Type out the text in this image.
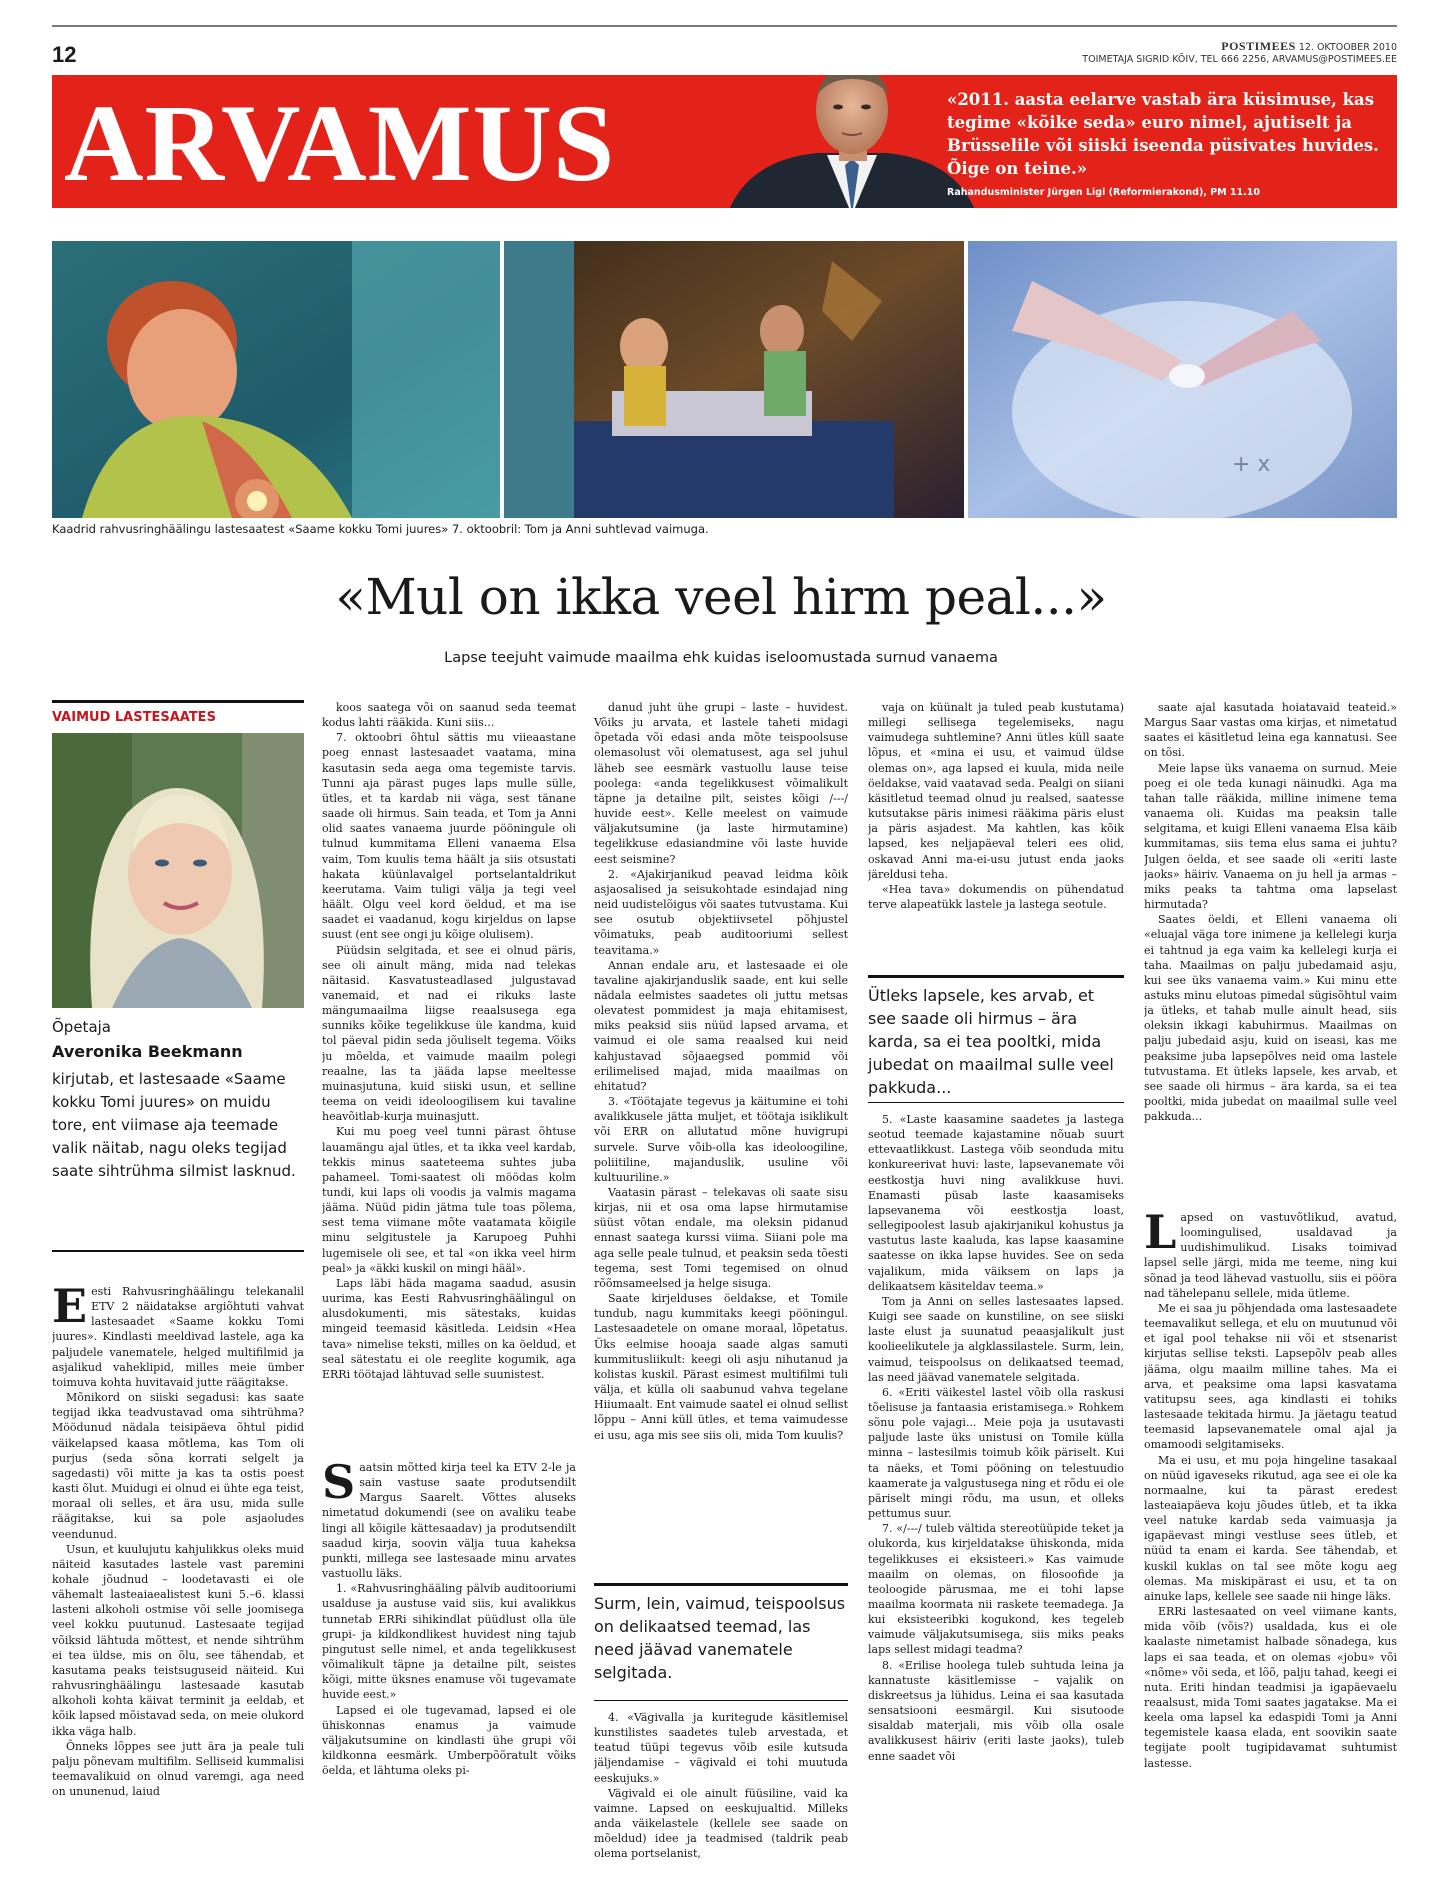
12	POSTIMEES 12. OKTOOBER 2010
TOIMETAJA SIGRID KÕIV, TEL 666 2256, ARVAMUS@POSTIMEES.EE
ARVAMUS	«2011. aasta eelarve vastab ära küsimuse, kas tegime «kõike seda» euro nimel, ajutiselt ja Brüsselile või siiski iseenda püsivates huvides. Õige on teine.»
Rahandusminister Jürgen Ligi (Reformierakond), PM 11.10
+ x
Kaadrid rahvusringhäälingu lastesaatest «Saame kokku Tomi juures» 7. oktoobril: Tom ja Anni suhtlevad vaimuga.
«Mul on ikka veel hirm peal...»
Lapse teejuht vaimude maailma ehk kuidas iseloomustada surnud vanaema
VAIMUD LASTESAATES
Õpetaja
Averonika Beekmann
kirjutab, et lastesaade «Saame kokku Tomi juures» on muidu tore, ent viimase aja teemade valik näitab, nagu oleks tegijad saate sihtrühma silmist lasknud.

Eesti Rahvusringhäälingu telekanalil ETV 2 näidatakse argiõhtuti vahvat lastesaadet «Saame kokku Tomi juures». Kindlasti meeldivad lastele, aga ka paljudele vanematele, helged multifilmid ja asjalikud vaheklipid, milles meie ümber toimuva kohta huvitavaid jutte räägitakse.

Mõnikord on siiski segadusi: kas saate tegijad ikka teadvustavad oma sihtrühma? Möödunud nädala teisipäeva õhtul pidid väikelapsed kaasa mõtlema, kas Tom oli purjus (seda sõna korrati selgelt ja sagedasti) või mitte ja kas ta ostis poest kasti õlut. Muidugi ei olnud ei ühte ega teist, moraal oli selles, et ära usu, mida sulle räägitakse, kui sa pole asjaoludes veendunud.

Usun, et kuulujutu kahjulikkus oleks muid näiteid kasutades lastele vast paremini kohale jõudnud – loodetavasti ei ole vähemalt lasteaiaealistest kuni 5.–6. klassi lasteni alkoholi ostmise või selle joomisega veel kokku puutunud. Lastesaate tegijad võiksid lähtuda mõttest, et nende sihtrühm ei tea üldse, mis on õlu, see tähendab, et kasutama peaks teistsuguseid näiteid. Kui rahvusringhäälingu lastesaade kasutab alkoholi kohta käivat terminit ja eeldab, et kõik lapsed mõistavad seda, on meie olukord ikka väga halb.

Õnneks lõppes see jutt ära ja peale tuli palju põnevam multifilm. Selliseid kummalisi teemavalikuid on olnud varemgi, aga need on ununenud, laiud

koos saatega või on saanud seda teemat kodus lahti rääkida. Kuni siis...

7. oktoobri õhtul sättis mu viieaastane poeg ennast lastesaadet vaatama, mina kasutasin seda aega oma tegemiste tarvis. Tunni aja pärast puges laps mulle sülle, ütles, et ta kardab nii väga, sest tänane saade oli hirmus. Sain teada, et Tom ja Anni olid saates vanaema juurde pööningule oli tulnud kummitama Elleni vanaema Elsa vaim, Tom kuulis tema häält ja siis otsustati hakata küünlavalgel portselantaldrikut keerutama. Vaim tuligi välja ja tegi veel häält. Olgu veel kord öeldud, et ma ise saadet ei vaadanud, kogu kirjeldus on lapse suust (ent see ongi ju kõige olulisem).

Püüdsin selgitada, et see ei olnud päris, see oli ainult mäng, mida nad telekas näitasid. Kasvatusteadlased julgustavad vanemaid, et nad ei rikuks laste mängumaailma liigse reaalsusega ega sunniks kõike tegelikkuse üle kandma, kuid tol päeval pidin seda jõuliselt tegema. Võiks ju mõelda, et vaimude maailm polegi reaalne, las ta jääda lapse meeltesse muinasjutuna, kuid siiski usun, et selline teema on veidi ideoloogilisem kui tavaline heavõitlab-kurja muinasjutt.

Kui mu poeg veel tunni pärast õhtuse lauamängu ajal ütles, et ta ikka veel kardab, tekkis minus saateteema suhtes juba pahameel. Tomi-saatest oli möödas kolm tundi, kui laps oli voodis ja valmis magama jääma. Nüüd pidin jätma tule toas põlema, sest tema viimane mõte vaatamata kõigile minu selgitustele ja Karupoeg Puhhi lugemisele oli see, et tal «on ikka veel hirm peal» ja «äkki kuskil on mingi hääl».

Laps läbi häda magama saadud, asusin uurima, kas Eesti Rahvusringhäälingul on alusdokumenti, mis sätestaks, kuidas mingeid teemasid käsitleda. Leidsin «Hea tava» nimelise teksti, milles on ka öeldud, et seal sätestatu ei ole reeglite kogumik, aga ERRi töötajad lähtuvad selle suunistest.

Saatsin mõtted kirja teel ka ETV 2-le ja sain vastuse saate produtsendilt Margus Saarelt. Võttes aluseks nimetatud dokumendi (see on avaliku teabe lingi all kõigile kättesaadav) ja produtsendilt saadud kirja, soovin välja tuua kaheksa punkti, millega see lastesaade minu arvates vastuollu läks.

1. «Rahvusringhääling pälvib auditooriumi usalduse ja austuse vaid siis, kui avalikkus tunnetab ERRi sihikindlat püüdlust olla üle grupi- ja kildkondlikest huvidest ning tajub pingutust selle nimel, et anda tegelikkusest võimalikult täpne ja detailne pilt, seistes kõigi, mitte üksnes enamuse või tugevamate huvide eest.»

Lapsed ei ole tugevamad, lapsed ei ole ühiskonnas enamus ja vaimude väljakutsumine on kindlasti ühe grupi või kildkonna eesmärk. Umberpõõratult võiks öelda, et lähtuma oleks pi-

danud juht ühe grupi – laste – huvidest. Võiks ju arvata, et lastele taheti midagi õpetada või edasi anda mõte teispoolsuse olemasolust või olematusest, aga sel juhul läheb see eesmärk vastuollu lause teise poolega: «anda tegelikkusest võimalikult täpne ja detailne pilt, seistes kõigi /---/ huvide eest». Kelle meelest on vaimude väljakutsumine (ja laste hirmutamine) tegelikkuse edasiandmine või laste huvide eest seismine?

2. «Ajakirjanikud peavad leidma kõik asjaosalised ja seisukohtade esindajad ning neid uudistelõigus või saates tutvustama. Kui see osutub objektiivsetel põhjustel võimatuks, peab auditooriumi sellest teavitama.»

Annan endale aru, et lastesaade ei ole tavaline ajakirjanduslik saade, ent kui selle nädala eelmistes saadetes oli juttu metsas olevatest pommidest ja maja ehitamisest, miks peaksid siis nüüd lapsed arvama, et vaimud ei ole sama reaalsed kui neid kahjustavad sõjaaegsed pommid või erilimelised majad, mida maailmas on ehitatud?

3. «Töötajate tegevus ja käitumine ei tohi avalikkusele jätta muljet, et töötaja isiklikult või ERR on allutatud mõne huvigrupi survele. Surve võib-olla kas ideoloogiline, poliitiline, majanduslik, usuline või kultuuriline.»

Vaatasin pärast – telekavas oli saate sisu kirjas, nii et osa oma lapse hirmutamise süüst võtan endale, ma oleksin pidanud ennast saatega kurssi viima. Siiani pole ma aga selle peale tulnud, et peaksin seda tõesti tegema, sest Tomi tegemised on olnud rõõmsameelsed ja helge sisuga.

Saate kirjelduses öeldakse, et Tomile tundub, nagu kummitaks keegi pööningul. Lastesaadetele on omane moraal, lõpetatus. Üks eelmise hooaja saade algas samuti kummitusliikult: keegi oli asju nihutanud ja kolistas kuskil. Pärast esimest multifilmi tuli välja, et külla oli saabunud vahva tegelane Hiiumaalt. Ent vaimude saatel ei olnud sellist lõppu – Anni küll ütles, et tema vaimudesse ei usu, aga mis see siis oli, mida Tom kuulis?

Surm, lein, vaimud, teispoolsus on delikaatsed teemad, las need jäävad vanematele selgitada.

4. «Vägivalla ja kuritegude käsitlemisel kunstilistes saadetes tuleb arvestada, et teatud tüüpi tegevus võib esile kutsuda jäljendamise – vägivald ei tohi muutuda eeskujuks.»

Vägivald ei ole ainult füüsiline, vaid ka vaimne. Lapsed on eeskujualtid. Milleks anda väikelastele (kellele see saade on mõeldud) idee ja teadmised (taldrik peab olema portselanist,

vaja on küünalt ja tuled peab kustutama) millegi sellisega tegelemiseks, nagu vaimudega suhtlemine? Anni ütles küll saate lõpus, et «mina ei usu, et vaimud üldse olemas on», aga lapsed ei kuula, mida neile öeldakse, vaid vaatavad seda. Pealgi on siiani käsitletud teemad olnud ju realsed, saatesse kutsutakse päris inimesi rääkima päris elust ja päris asjadest. Ma kahtlen, kas kõik lapsed, kes neljapäeval teleri ees olid, oskavad Anni ma-ei-usu jutust enda jaoks järeldusi teha.

«Hea tava» dokumendis on pühendatud terve alapeatükk lastele ja lastega seotule.

Ütleks lapsele, kes arvab, et see saade oli hirmus – ära karda, sa ei tea pooltki, mida jubedat on maailmal sulle veel pakkuda...

5. «Laste kaasamine saadetes ja lastega seotud teemade kajastamine nõuab suurt ettevaatlikkust. Lastega võib seonduda mitu konkureerivat huvi: laste, lapsevanemate või eestkostja huvi ning avalikkuse huvi. Enamasti püsab laste kaasamiseks lapsevanema või eestkostja loast, sellegipoolest lasub ajakirjanikul kohustus ja vastutus laste kaaluda, kas lapse kaasamine saatesse on ikka lapse huvides. See on seda vajalikum, mida väiksem on laps ja delikaatsem käsiteldav teema.»

Tom ja Anni on selles lastesaates lapsed. Kuigi see saade on kunstiline, on see siiski laste elust ja suunatud peaasjalikult just koolieelikutele ja algklassilastele. Surm, lein, vaimud, teispoolsus on delikaatsed teemad, las need jäävad vanematele selgitada.

6. «Eriti väikestel lastel võib olla raskusi tõelisuse ja fantaasia eristamisega.» Rohkem sõnu pole vajagi... Meie poja ja usutavasti paljude laste üks unistusi on Tomile külla minna – lastesilmis toimub kõik päriselt. Kui ta näeks, et Tomi pööning on telestuudio kaamerate ja valgustusega ning et rõdu ei ole päriselt mingi rõdu, ma usun, et olleks pettumus suur.

7. «/---/ tuleb vältida stereotüüpide teket ja olukorda, kus kirjeldatakse ühiskonda, mida tegelikkuses ei eksisteeri.» Kas vaimude maailm on olemas, on filosoofide ja teoloogide pärusmaa, me ei tohi lapse maailma koormata nii raskete teemadega. Ja kui eksisteeribki kogukond, kes tegeleb vaimude väljakutsumisega, siis miks peaks laps sellest midagi teadma?

8. «Erilise hoolega tuleb suhtuda leina ja kannatuste käsitlemisse – vajalik on diskreetsus ja lühidus. Leina ei saa kasutada sensatsiooni eesmärgil. Kui sisutoode sisaldab materjali, mis võib olla osale avalikkusest häiriv (eriti laste jaoks), tuleb enne saadet või

saate ajal kasutada hoiatavaid teateid.» Margus Saar vastas oma kirjas, et nimetatud saates ei käsitletud leina ega kannatusi. See on tõsi.

Meie lapse üks vanaema on surnud. Meie poeg ei ole teda kunagi näinudki. Aga ma tahan talle rääkida, milline inimene tema vanaema oli. Kuidas ma peaksin talle selgitama, et kuigi Elleni vanaema Elsa käib kummitamas, siis tema elus sama ei juhtu? Julgen öelda, et see saade oli «eriti laste jaoks» häiriv. Vanaema on ju hell ja armas – miks peaks ta tahtma oma lapselast hirmutada?

Saates öeldi, et Elleni vanaema oli «eluajal väga tore inimene ja kellelegi kurja ei tahtnud ja ega vaim ka kellelegi kurja ei taha. Maailmas on palju jubedamaid asju, kui see üks vanaema vaim.» Kui minu ette astuks minu elutoas pimedal sügisõhtul vaim ja ütleks, et tahab mulle ainult head, siis oleksin ikkagi kabuhirmus. Maailmas on palju jubedaid asju, kuid on iseasi, kas me peaksime juba lapsepõlves neid oma lastele tutvustama. Et ütleks lapsele, kes arvab, et see saade oli hirmus – ära karda, sa ei tea pooltki, mida jubedat on maailmal sulle veel pakkuda...

Lapsed on vastuvõtlikud, avatud, loomingulised, usaldavad ja uudishimulikud. Lisaks toimivad lapsel selle järgi, mida me teeme, ning kui sõnad ja teod lähevad vastuollu, siis ei pööra nad tähelepanu sellele, mida ütleme.

Me ei saa ju põhjendada oma lastesaadete teemavalikut sellega, et elu on muutunud või et igal pool tehakse nii või et stsenarist kirjutas sellise teksti. Lapsepõlv peab alles jääma, olgu maailm milline tahes. Ma ei arva, et peaksime oma lapsi kasvatama vatitupsu sees, aga kindlasti ei tohiks lastesaade tekitada hirmu. Ja jäetagu teatud teemasid lapsevanematele omal ajal ja omamoodi selgitamiseks.

Ma ei usu, et mu poja hingeline tasakaal on nüüd igaveseks rikutud, aga see ei ole ka normaalne, kui ta pärast eredest lasteaiapäeva koju jõudes ütleb, et ta ikka veel natuke kardab seda vaimuasja ja igapäevast mingi vestluse sees ütleb, et nüüd ta enam ei karda. See tähendab, et kuskil kuklas on tal see mõte kogu aeg olemas. Ma miskipärast ei usu, et ta on ainuke laps, kellele see saade nii hinge läks.

ERRi lastesaated on veel viimane kants, mida võib (võis?) usaldada, kus ei ole kaalaste nimetamist halbade sõnadega, kus laps ei saa teada, et on olemas «jobu» või «nõme» või seda, et lõõ, palju tahad, keegi ei nuta. Eriti hindan teadmisi ja igapäevaelu reaalsust, mida Tomi saates jagatakse. Ma ei keela oma lapsel ka edaspidi Tomi ja Anni tegemistele kaasa elada, ent soovikin saate tegijate poolt tugipidavamat suhtumist lastesse.
